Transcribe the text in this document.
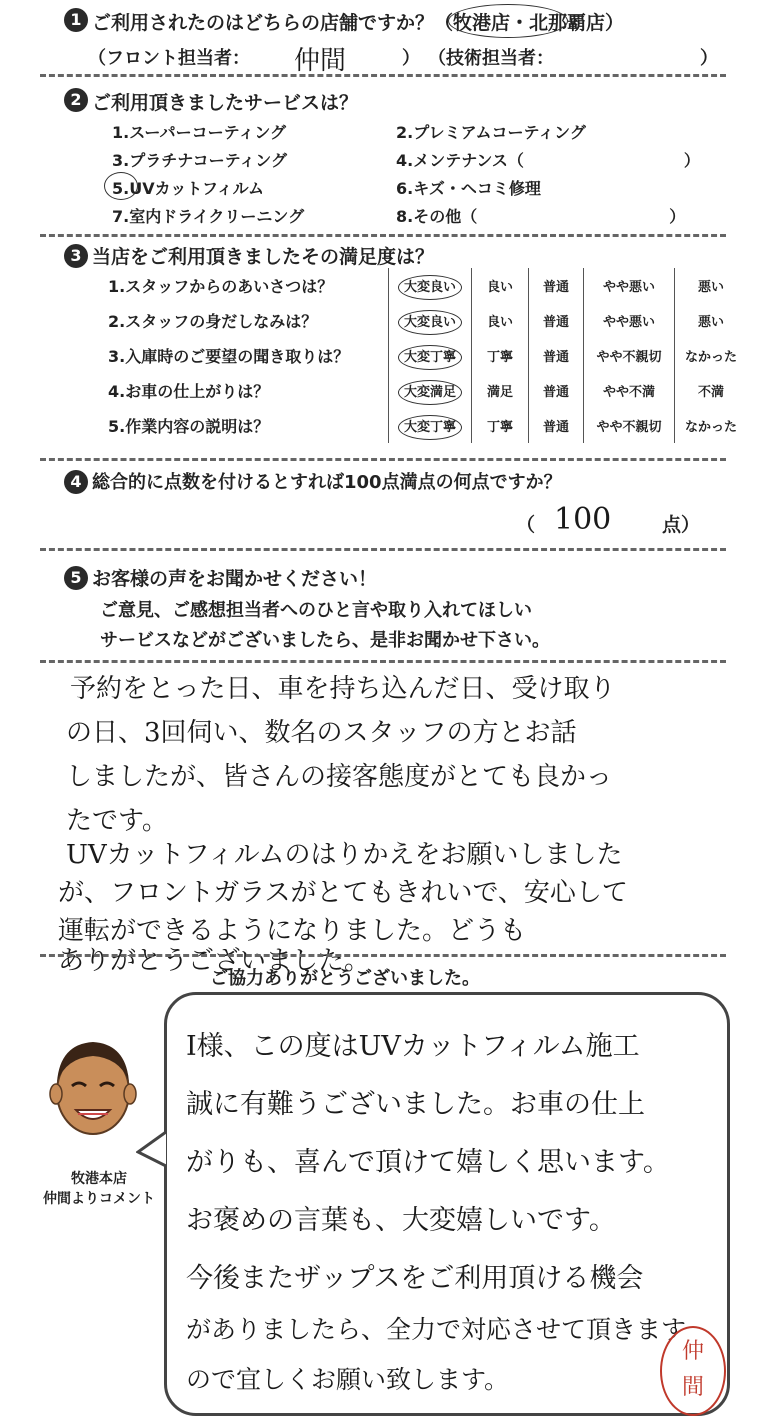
1 ご利用されたのはどちらの店舗ですか？（牧港店・北那覇店）
（フロント担当者： 仲間	） （技術担当者：	）
2 ご利用頂きましたサービスは？
1.スーパーコーティング	2.プレミアムコーティング
3.プラチナコーティング	4.メンテナンス（　　　　　　　　　　）
5.UVカットフィルム	6.キズ・ヘコミ修理
7.室内ドライクリーニング	8.その他（　　　　　　　　　　　　）
3 当店をご利用頂きましたその満足度は？
1.スタッフからのあいさつは？	大変良い	良い	普通	やや悪い	悪い
2.スタッフの身だしなみは？	大変良い	良い	普通	やや悪い	悪い
3.入庫時のご要望の聞き取りは？	大変丁寧	丁寧	普通	やや不親切	なかった
4.お車の仕上がりは？	大変満足	満足	普通	やや不満	不満
5.作業内容の説明は？	大変丁寧	丁寧	普通	やや不親切	なかった
4 総合的に点数を付けるとすれば100点満点の何点ですか？
（ 100	点）
5 お客様の声をお聞かせください！
ご意見、ご感想担当者へのひと言や取り入れてほしい
サービスなどがございましたら、是非お聞かせ下さい。
予約をとった日、車を持ち込んだ日、受け取り
の日、3回伺い、数名のスタッフの方とお話
しましたが、皆さんの接客態度がとても良かっ
たです。
UVカットフィルムのはりかえをお願いしました
が、フロントガラスがとてもきれいで、安心して
運転ができるようになりました。どうも
ありがとうございました。
ご協力ありがとうございました。
牧港本店
仲間よりコメント
I様、この度はUVカットフィルム施工
誠に有難うございました。お車の仕上
がりも、喜んで頂けて嬉しく思います。
お褒めの言葉も、大変嬉しいです。
今後またザップスをご利用頂ける機会
がありましたら、全力で対応させて頂きます
ので宜しくお願い致します。
仲
間
